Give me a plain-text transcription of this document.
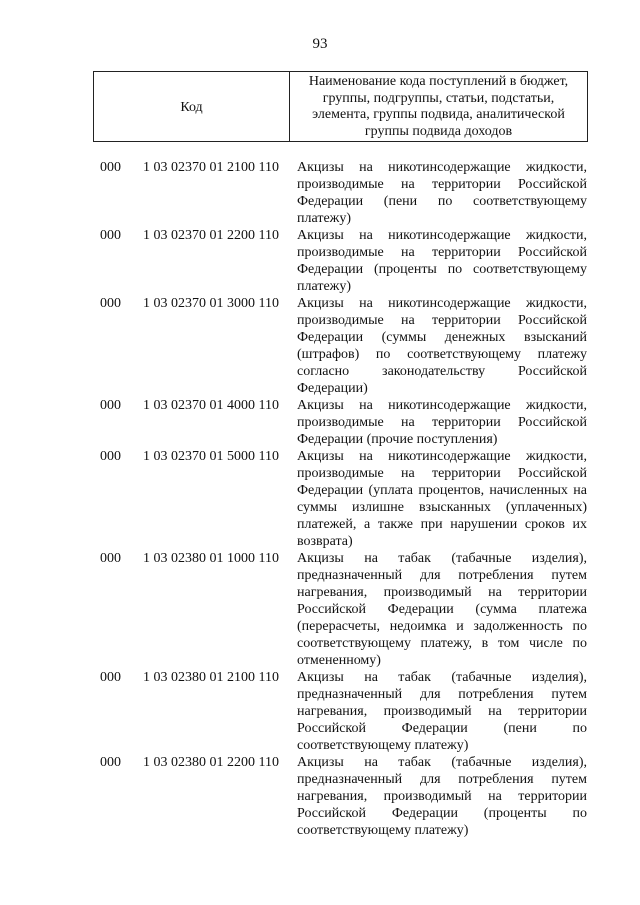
93
Код
Наименование кода поступлений в бюджет, группы, подгруппы, статьи, подстатьи, элемента, группы подвида, аналитической группы подвида доходов
000 1 03 02370 01 2100 110 Акцизы на никотинсодержащие жидкости, производимые на территории Российской Федерации (пени по соответствующему платежу)
000 1 03 02370 01 2200 110 Акцизы на никотинсодержащие жидкости, производимые на территории Российской Федерации (проценты по соответствующему платежу)
000 1 03 02370 01 3000 110 Акцизы на никотинсодержащие жидкости, производимые на территории Российской Федерации (суммы денежных взысканий (штрафов) по соответствующему платежу согласно законодательству Российской Федерации)
000 1 03 02370 01 4000 110 Акцизы на никотинсодержащие жидкости, производимые на территории Российской Федерации (прочие поступления)
000 1 03 02370 01 5000 110 Акцизы на никотинсодержащие жидкости, производимые на территории Российской Федерации (уплата процентов, начисленных на суммы излишне взысканных (уплаченных) платежей, а также при нарушении сроков их возврата)
000 1 03 02380 01 1000 110 Акцизы на табак (табачные изделия), предназначенный для потребления путем нагревания, производимый на территории Российской Федерации (сумма платежа (перерасчеты, недоимка и задолженность по соответствующему платежу, в том числе по отмененному)
000 1 03 02380 01 2100 110 Акцизы на табак (табачные изделия), предназначенный для потребления путем нагревания, производимый на территории Российской Федерации (пени по соответствующему платежу)
000 1 03 02380 01 2200 110 Акцизы на табак (табачные изделия), предназначенный для потребления путем нагревания, производимый на территории Российской Федерации (проценты по соответствующему платежу)
